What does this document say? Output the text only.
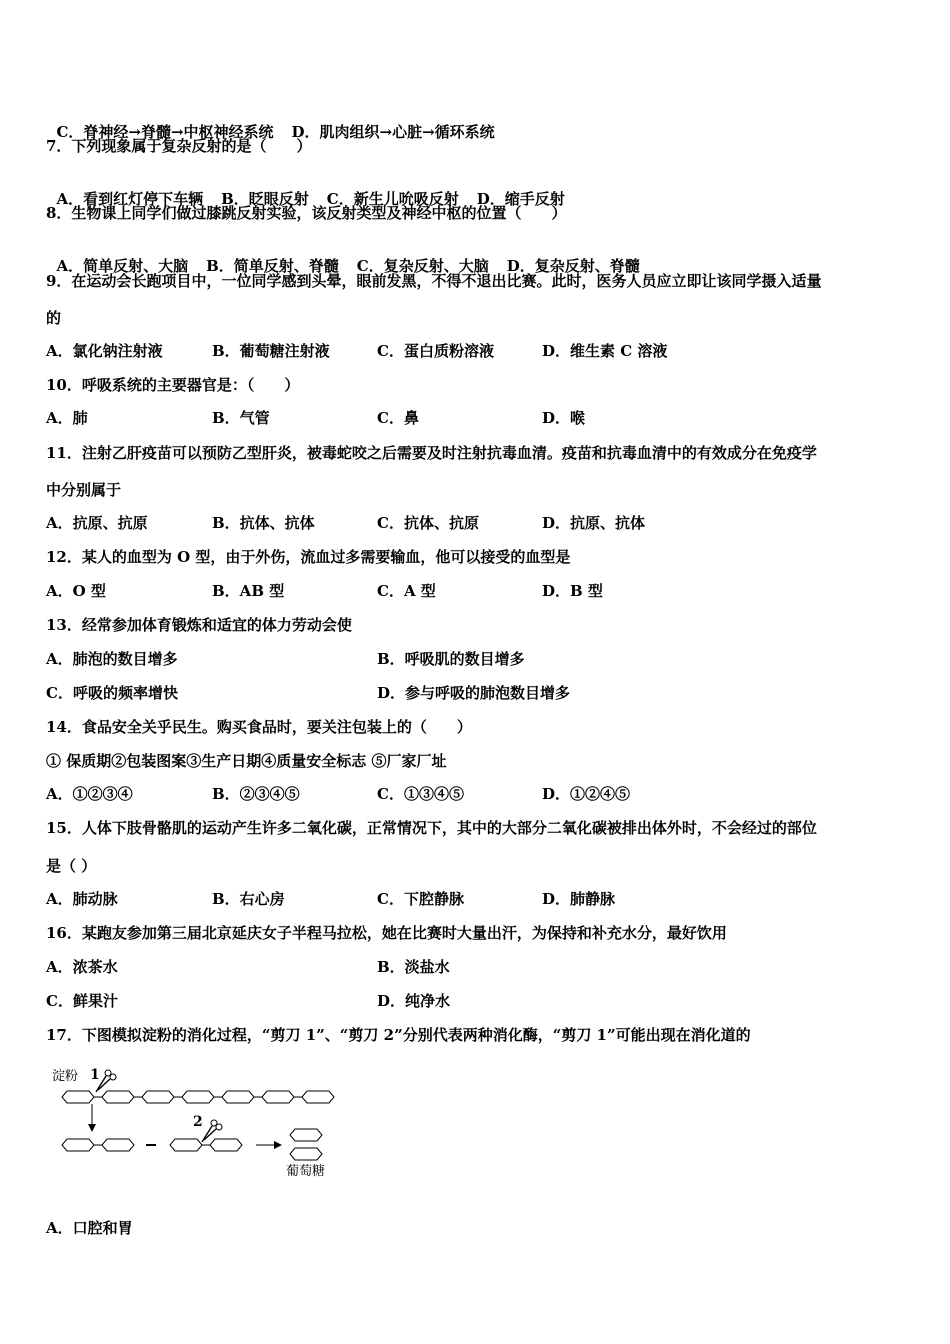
C．脊神经→脊髓→中枢神经系统 D．肌肉组织→心脏→循环系统

7．下列现象属于复杂反射的是（　　）

A．看到红灯停下车辆 B．眨眼反射 C．新生儿吮吸反射 D．缩手反射

8．生物课上同学们做过膝跳反射实验，该反射类型及神经中枢的位置（　　）

A．简单反射、大脑 B．简单反射、脊髓 C．复杂反射、大脑 D．复杂反射、脊髓

9．在运动会长跑项目中，一位同学感到头晕，眼前发黑，不得不退出比赛。此时，医务人员应立即让该同学摄入适量
的
A．氯化钠注射液	B．葡萄糖注射液	C．蛋白质粉溶液	D．维生素 C 溶液
10．呼吸系统的主要器官是：（　　）
A．肺	B．气管	C．鼻	D．喉
11．注射乙肝疫苗可以预防乙型肝炎，被毒蛇咬之后需要及时注射抗毒血清。疫苗和抗毒血清中的有效成分在免疫学
中分别属于
A．抗原、抗原	B．抗体、抗体	C．抗体、抗原	D．抗原、抗体
12．某人的血型为 O 型，由于外伤，流血过多需要输血，他可以接受的血型是
A．O 型	B．AB 型	C．A 型	D．B 型
13．经常参加体育锻炼和适宜的体力劳动会使
A．肺泡的数目增多	B．呼吸肌的数目增多
C．呼吸的频率增快	D．参与呼吸的肺泡数目增多
14．食品安全关乎民生。购买食品时，要关注包装上的（　　）
① 保质期②包装图案③生产日期④质量安全标志 ⑤厂家厂址
A．①②③④	B．②③④⑤	C．①③④⑤	D．①②④⑤
15．人体下肢骨骼肌的运动产生许多二氧化碳，正常情况下，其中的大部分二氧化碳被排出体外时，不会经过的部位
是（ ）
A．肺动脉	B．右心房	C．下腔静脉	D．肺静脉
16．某跑友参加第三届北京延庆女子半程马拉松，她在比赛时大量出汗，为保持和补充水分，最好饮用
A．浓茶水	B．淡盐水
C．鲜果汁	D．纯净水
17．下图模拟淀粉的消化过程，“剪刀 1”、“剪刀 2”分别代表两种消化酶，“剪刀 1”可能出现在消化道的
淀粉 1
2
葡萄糖
A．口腔和胃
